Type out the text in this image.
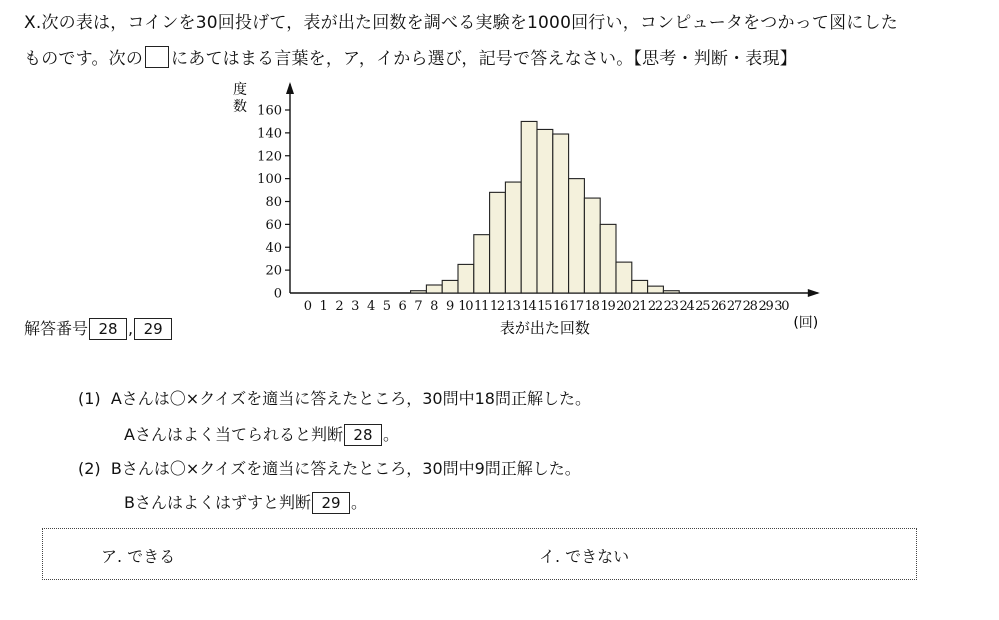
Ⅹ.次の表は，コインを30回投げて，表が出た回数を調べる実験を1000回行い，コンピュータをつかって図にした
ものです。次の にあてはまる言葉を，ア，イから選び，記号で答えなさい。【思考・判断・表現】
0
20
40
60
80
100
120
140
160
度
数
0 1 2 3 4 5 6 7 8 9 10 11 12 13 14 15 16 17 18 19 20 21 22 23 24 25 26 27 28 29 30
表が出た回数	(回)
解答番号 28 , 29
(1) Aさんは〇×クイズを適当に答えたところ，30問中18問正解した。
Aさんはよく当てられると判断 28 。
(2) Bさんは〇×クイズを適当に答えたところ，30問中9問正解した。
Bさんはよくはずすと判断 29 。
ア. できる	イ. できない
